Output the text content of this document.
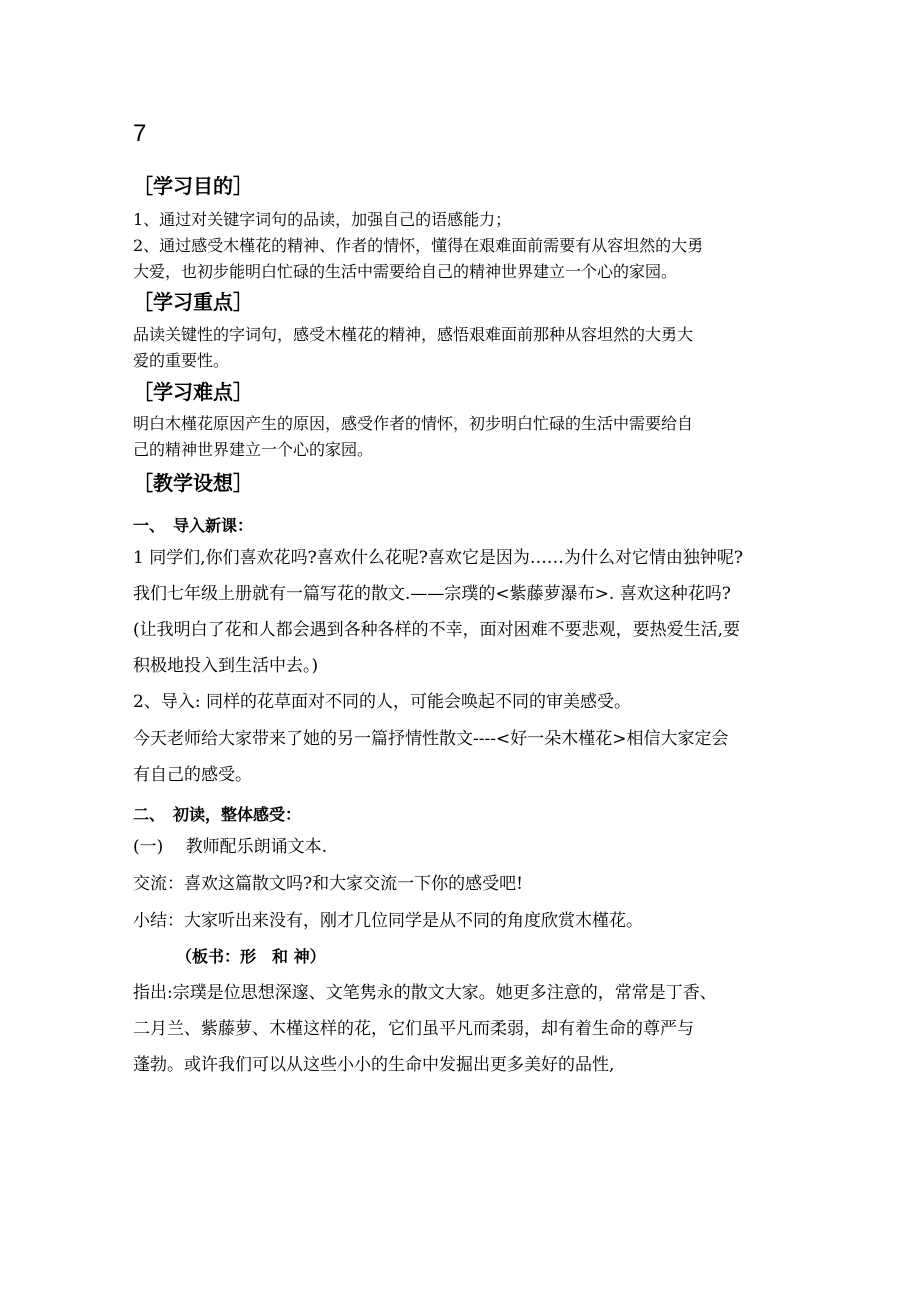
7
［学习目的］
1、通过对关键字词句的品读，加强自己的语感能力；
2、通过感受木槿花的精神、作者的情怀，懂得在艰难面前需要有从容坦然的大勇
大爱，也初步能明白忙碌的生活中需要给自己的精神世界建立一个心的家园。
［学习重点］
品读关键性的字词句，感受木槿花的精神，感悟艰难面前那种从容坦然的大勇大
爱的重要性。
［学习难点］
明白木槿花原因产生的原因，感受作者的情怀，初步明白忙碌的生活中需要给自
己的精神世界建立一个心的家园。
［教学设想］
一、　导入新课：
1 同学们,你们喜欢花吗?喜欢什么花呢?喜欢它是因为……为什么对它情由独钟呢?
我们七年级上册就有一篇写花的散文.——宗璞的<紫藤萝瀑布>. 喜欢这种花吗?
(让我明白了花和人都会遇到各种各样的不幸，面对困难不要悲观，要热爱生活,要
积极地投入到生活中去。)
2、导入: 同样的花草面对不同的人，可能会唤起不同的审美感受。
今天老师给大家带来了她的另一篇抒情性散文----<好一朵木槿花>相信大家定会
有自己的感受。
二、　初读，整体感受：
(一)　 教师配乐朗诵文本.
交流：喜欢这篇散文吗?和大家交流一下你的感受吧!
小结：大家听出来没有，刚才几位同学是从不同的角度欣赏木槿花。
（板书：形　和 神）
指出:宗璞是位思想深邃、文笔隽永的散文大家。她更多注意的，常常是丁香、
二月兰、紫藤萝、木槿这样的花，它们虽平凡而柔弱，却有着生命的尊严与
蓬勃。或许我们可以从这些小小的生命中发掘出更多美好的品性,
